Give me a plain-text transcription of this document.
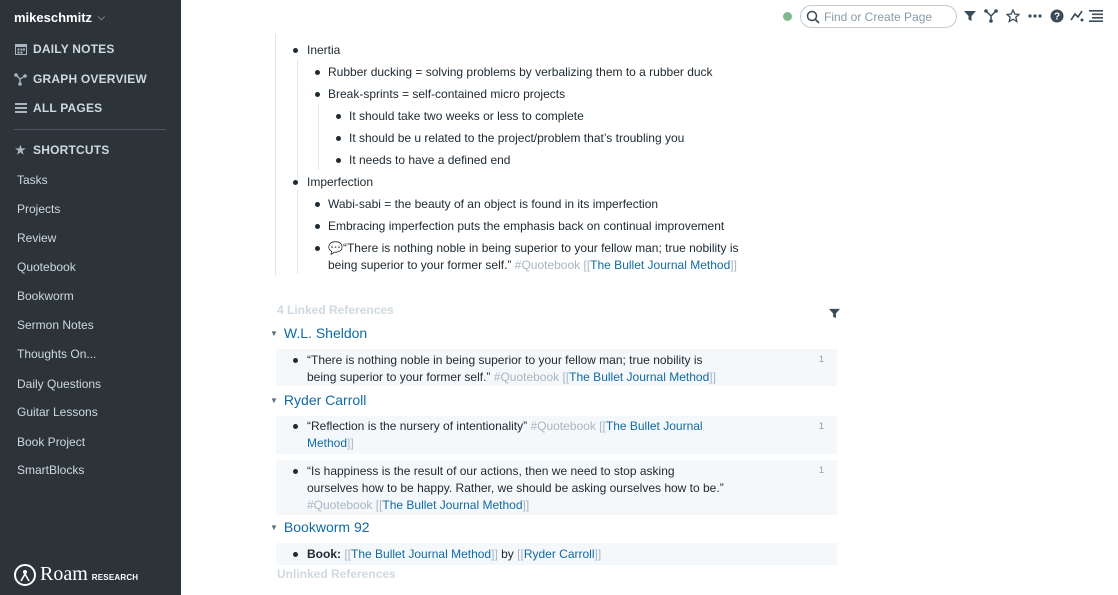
mikeschmitz ⌵
DAILY NOTES
GRAPH OVERVIEW
ALL PAGES
★ SHORTCUTS
Tasks
Projects
Review
Quotebook
Bookworm
Sermon Notes
Thoughts On...
Daily Questions
Guitar Lessons
Book Project
SmartBlocks
Roam RESEARCH
Find or Create Page
?
Inertia
Rubber ducking = solving problems by verbalizing them to a rubber duck
Break-sprints = self-contained micro projects
It should take two weeks or less to complete
It should be u related to the project/problem that’s troubling you
It needs to have a defined end
Imperfection
Wabi-sabi = the beauty of an object is found in its imperfection
Embracing imperfection puts the emphasis back on continual improvement
💬“There is nothing noble in being superior to your fellow man; true nobility is
being superior to your former self.” #Quotebook [[The Bullet Journal Method]]
4 Linked References
▼ W.L. Sheldon
“There is nothing noble in being superior to your fellow man; true nobility is
being superior to your former self.” #Quotebook [[The Bullet Journal Method]]
1
▼ Ryder Carroll
“Reflection is the nursery of intentionality” #Quotebook [[The Bullet Journal
Method]]
1
“Is happiness is the result of our actions, then we need to stop asking
ourselves how to be happy. Rather, we should be asking ourselves how to be.”
#Quotebook [[The Bullet Journal Method]]
1
▼ Bookworm 92
Book: [[The Bullet Journal Method]] by [[Ryder Carroll]]
Unlinked References
